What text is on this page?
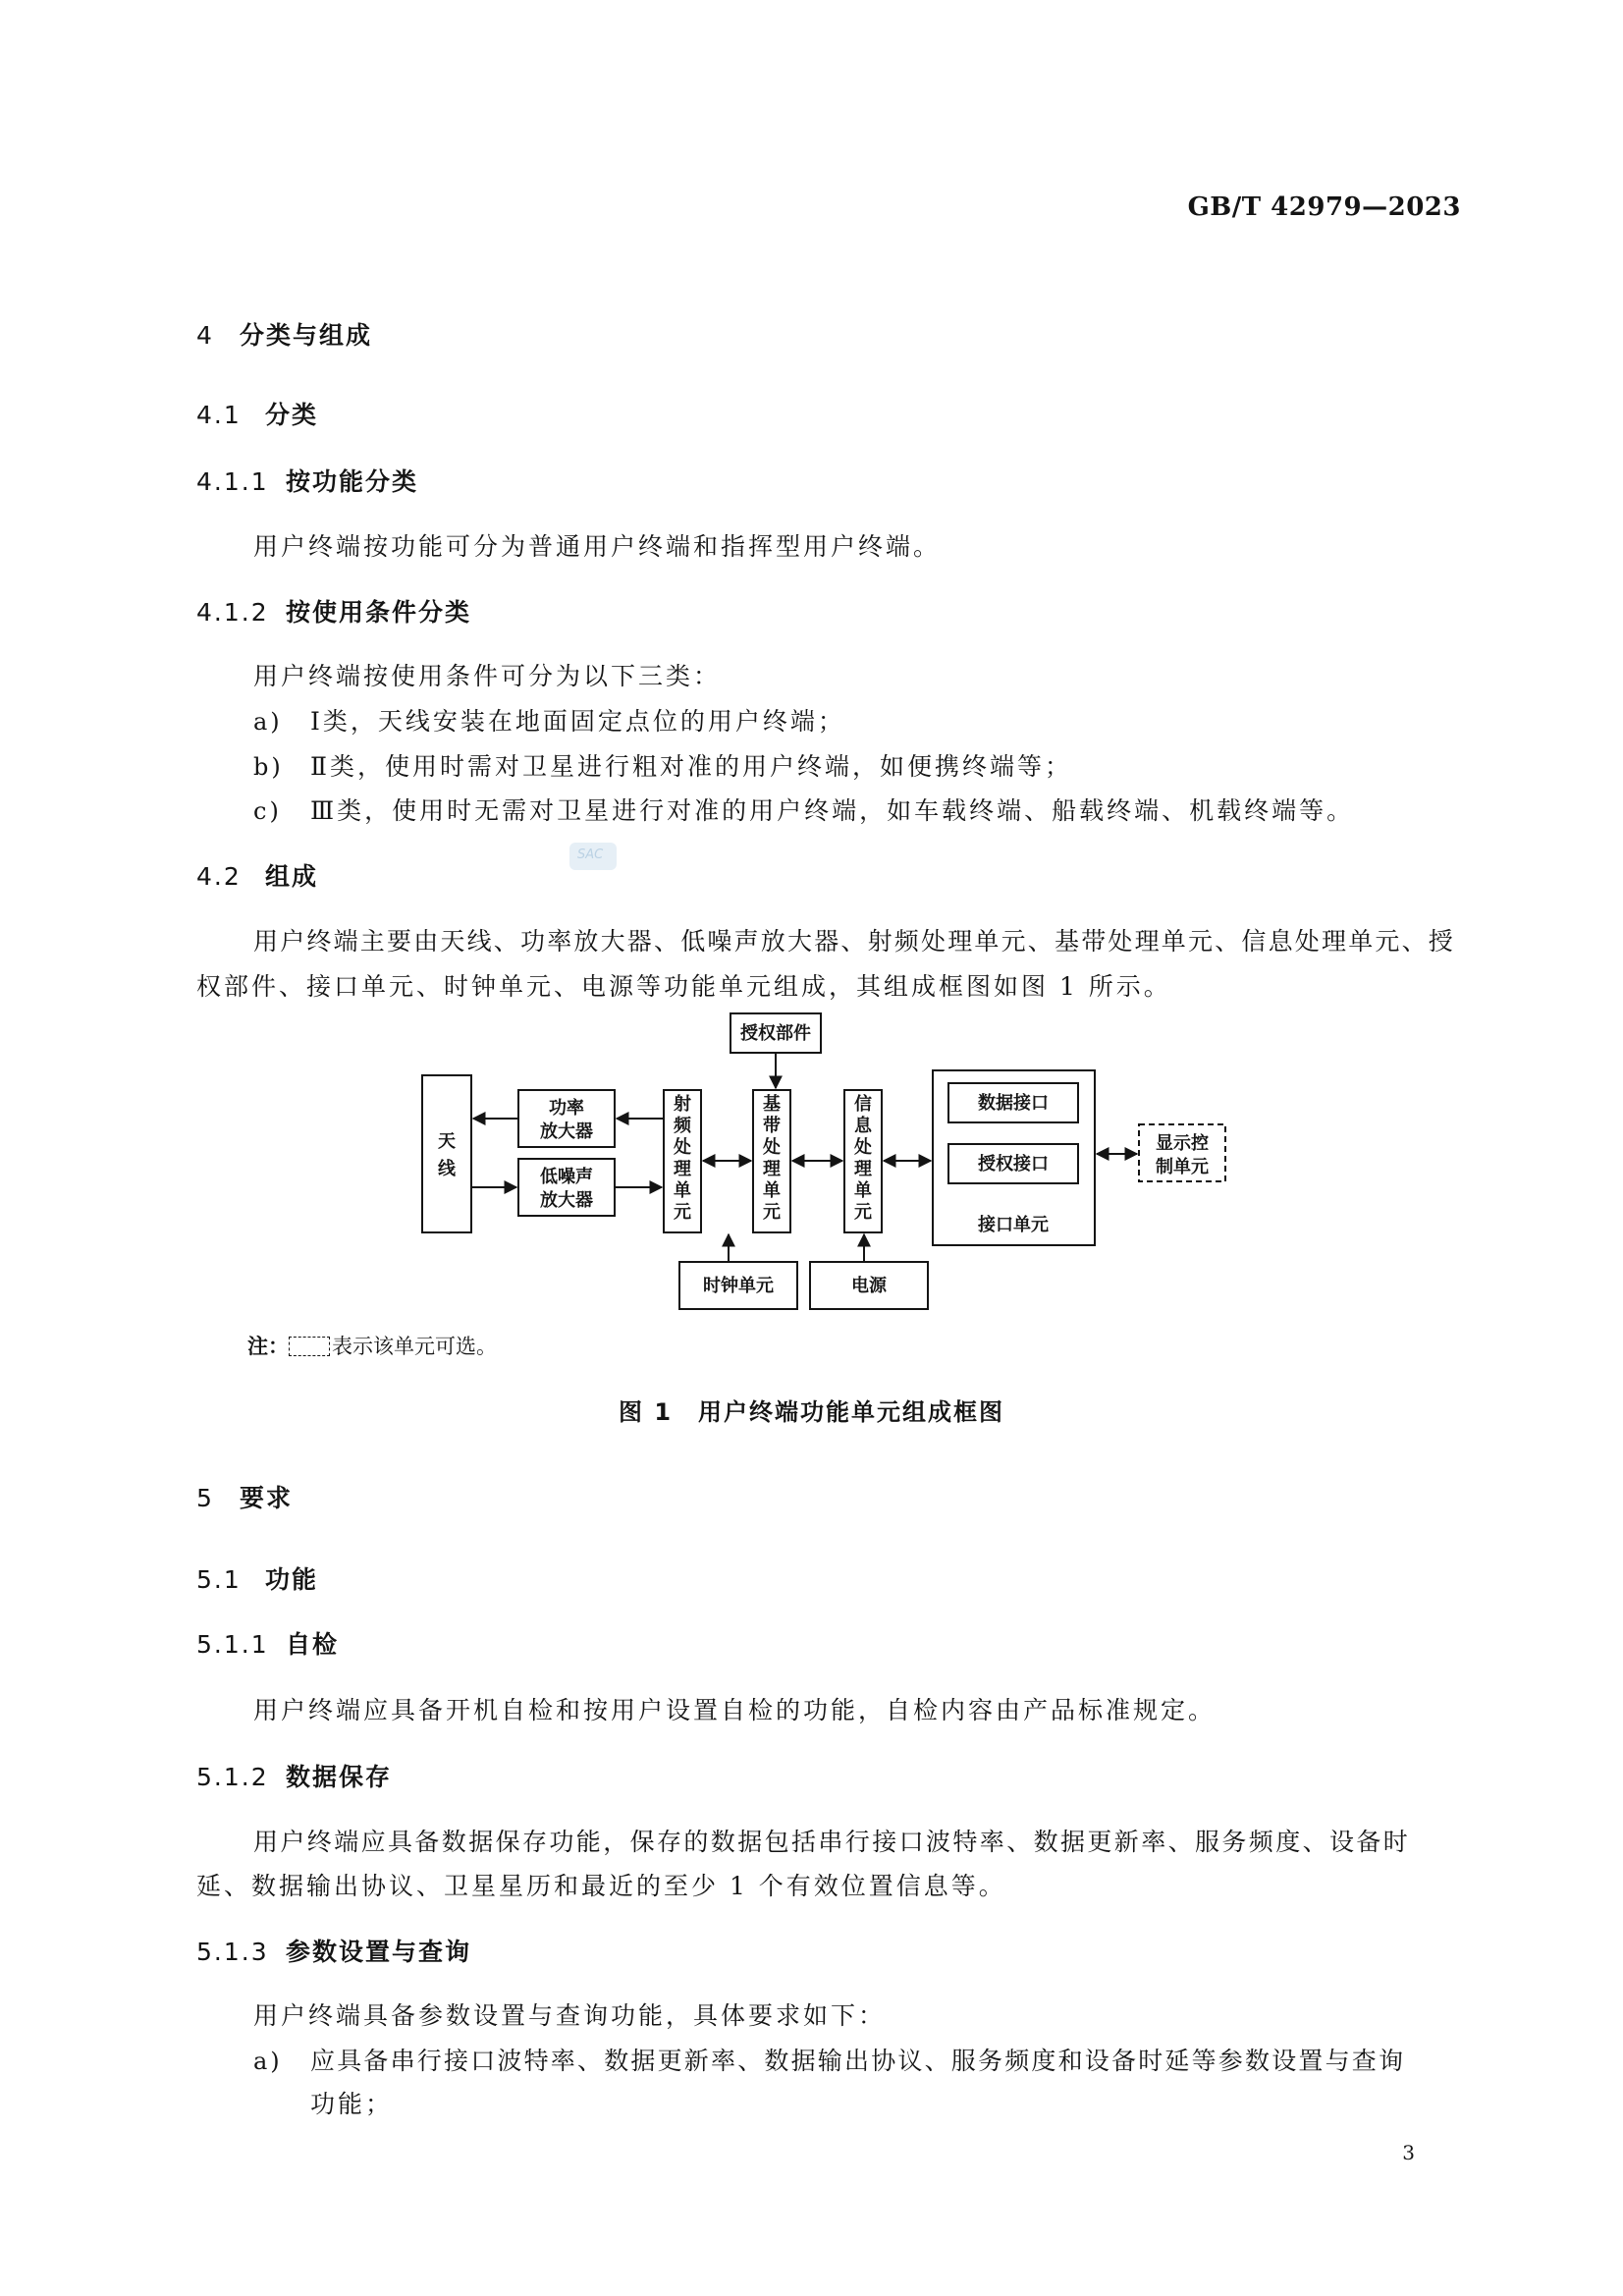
GB/T 42979—2023
4 分类与组成
4.1 分类
4.1.1 按功能分类
用户终端按功能可分为普通用户终端和指挥型用户终端。
4.1.2 按使用条件分类
用户终端按使用条件可分为以下三类：
a) Ⅰ类，天线安装在地面固定点位的用户终端；
b) Ⅱ类，使用时需对卫星进行粗对准的用户终端，如便携终端等；
c) Ⅲ类，使用时无需对卫星进行对准的用户终端，如车载终端、船载终端、机载终端等。
SAC
4.2 组成
用户终端主要由天线、功率放大器、低噪声放大器、射频处理单元、基带处理单元、信息处理单元、授
权部件、接口单元、时钟单元、电源等功能单元组成，其组成框图如图 1 所示。
授权部件
天
线
功率
放大器
低噪声
放大器
射
频
处
理
单
元
基
带
处
理
单
元
信
息
处
理
单
元
数据接口
授权接口
接口单元
显示控
制单元
时钟单元	电源
注： 表示该单元可选。
图 1　用户终端功能单元组成框图
5 要求
5.1 功能
5.1.1 自检
用户终端应具备开机自检和按用户设置自检的功能，自检内容由产品标准规定。
5.1.2 数据保存
用户终端应具备数据保存功能，保存的数据包括串行接口波特率、数据更新率、服务频度、设备时
延、数据输出协议、卫星星历和最近的至少 1 个有效位置信息等。
5.1.3 参数设置与查询
用户终端具备参数设置与查询功能，具体要求如下：
a) 应具备串行接口波特率、数据更新率、数据输出协议、服务频度和设备时延等参数设置与查询
功能；
3
